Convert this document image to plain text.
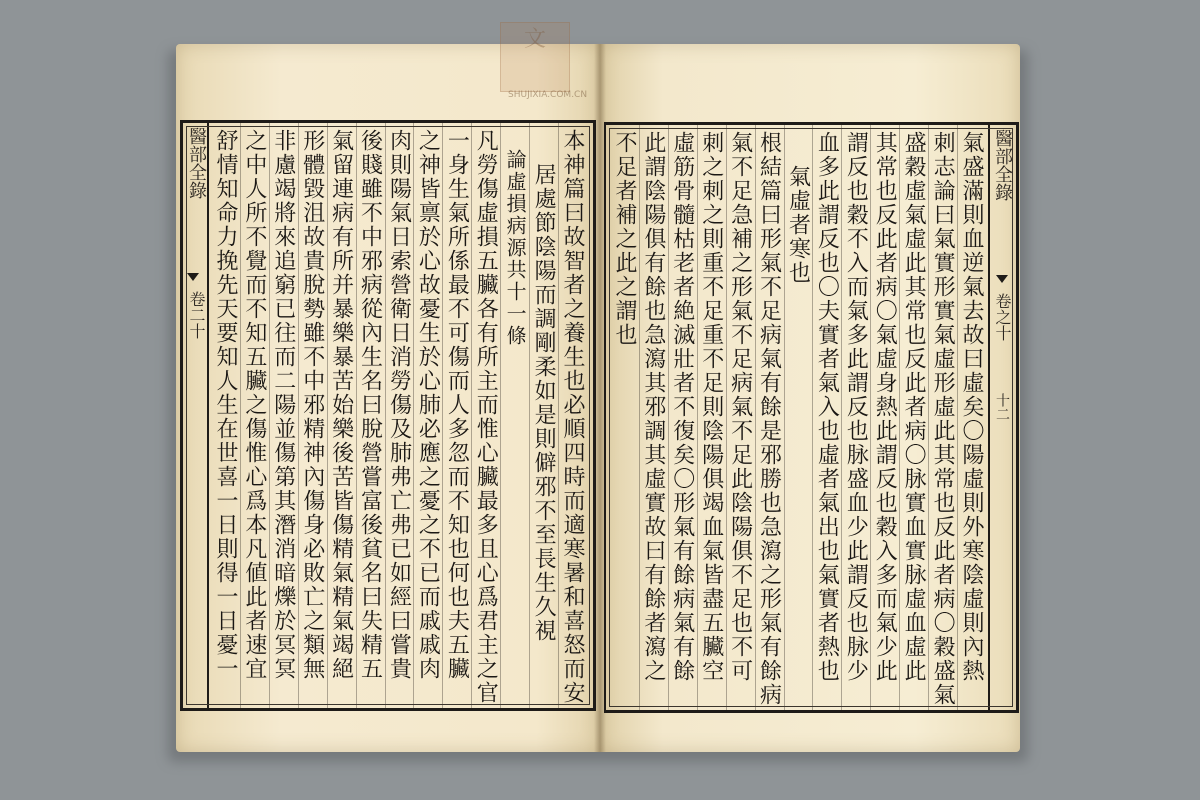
文
SHUJIXIA.COM.CN
本神篇曰故智者之養生也必順四時而適寒暑和喜怒而安
居處節陰陽而調剛柔如是則僻邪不至長生久視
論虛損病源共十一條
凡勞傷虛損五臟各有所主而惟心臟最多且心爲君主之官
一身生氣所係最不可傷而人多忽而不知也何也夫五臟
之神皆禀於心故憂生於心肺必應之憂之不已而戚戚肉
肉則陽氣日索營衛日消勞傷及肺弗亡弗已如經曰嘗貴
後賤雖不中邪病從內生名曰脫營嘗富後貧名曰失精五
氣留連病有所并暴樂暴苦始樂後苦皆傷精氣精氣竭絕
形體毀沮故貴脫勢雖不中邪精神內傷身必敗亡之類無
非慮竭將來追窮已往而二陽並傷第其潛消暗爍於冥冥
之中人所不覺而不知五臟之傷惟心爲本凡値此者速宜
舒情知命力挽先天要知人生在世喜一日則得一日憂一
醫部全錄
卷二十	氣盛滿則血逆氣去故曰虛矣〇陽虛則外寒陰虛則內熱
刺志論曰氣實形實氣虛形虛此其常也反此者病〇穀盛氣
盛穀虛氣虛此其常也反此者病〇脉實血實脉虛血虛此
其常也反此者病〇氣虛身熱此謂反也穀入多而氣少此
謂反也穀不入而氣多此謂反也脉盛血少此謂反也脉少
血多此謂反也〇夫實者氣入也虛者氣出也氣實者熱也
氣虛者寒也
根結篇曰形氣不足病氣有餘是邪勝也急瀉之形氣有餘病
氣不足急補之形氣不足病氣不足此陰陽俱不足也不可
刺之刺之則重不足重不足則陰陽俱竭血氣皆盡五臟空
虛筋骨髓枯老者絶滅壯者不復矣〇形氣有餘病氣有餘
此謂陰陽俱有餘也急瀉其邪調其虛實故曰有餘者瀉之
不足者補之此之謂也	醫部全錄
卷之十
十二
